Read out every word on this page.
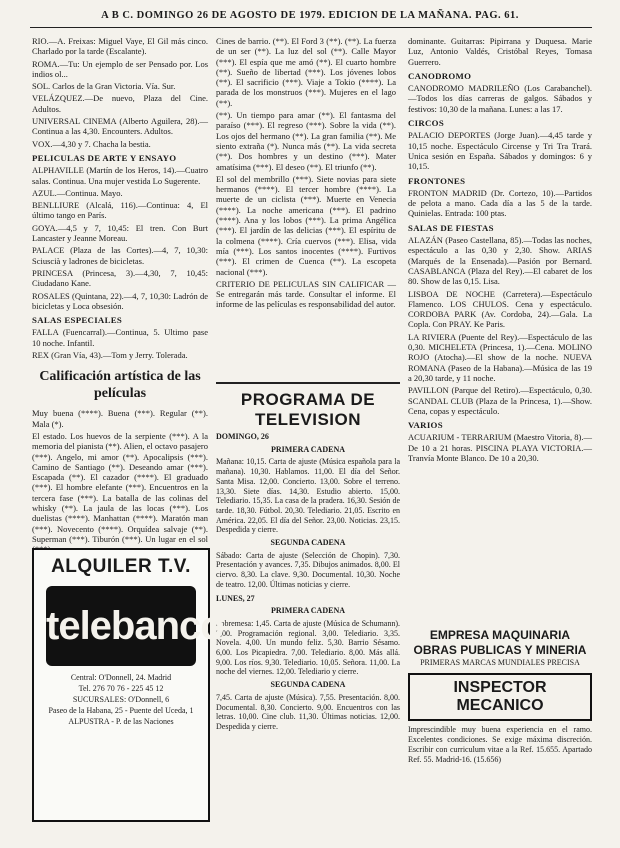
A B C. DOMINGO 26 DE AGOSTO DE 1979. EDICION DE LA MAÑANA. PAG. 61.

RIO.—A. Freixas: Miguel Vaye, El Gil más cinco. Charlado por la tarde (Escalante).

ROMA.—Tu: Un ejemplo de ser Pensado por. Los indios ol...

SOL. Carlos de la Gran Victoria. Vía. Sur.

VELÁZQUEZ.—De nuevo, Plaza del Cine. Adultos.

UNIVERSAL CINEMA (Alberto Aguilera, 28).—Continua a las 4,30. Encounters. Adultos.

VOX.—4,30 y 7. Chacha la bestia.

PELICULAS DE ARTE Y ENSAYO

ALPHAVILLE (Martín de los Heros, 14).—Cuatro salas. Continua. Una mujer vestida Lo Sugerente.

AZUL.—Continua. Mayo.

BENLLIURE (Alcalá, 116).—Continua: 4, El último tango en París.

GOYA.—4,5 y 7, 10,45: El tren. Con Burt Lancaster y Jeanne Moreau.

PALACE (Plaza de las Cortes).—4, 7, 10,30: Sciuscià y ladrones de bicicletas.

PRINCESA (Princesa, 3).—4,30, 7, 10,45: Ciudadano Kane.

ROSALES (Quintana, 22).—4, 7, 10,30: Ladrón de bicicletas y Loca obsesión.

SALAS ESPECIALES

FALLA (Fuencarral).—Continua, 5. Ultimo pase 10 noche. Infantil.

REX (Gran Vía, 43).—Tom y Jerry. Tolerada.

Calificación artística de las películas

Muy buena (****). Buena (***). Regular (**). Mala (*).

El estado. Los huevos de la serpiente (***). A la memoria del pianista (**). Alien, el octavo pasajero (***). Angelo, mi amor (**). Apocalipsis (***). Camino de Santiago (**). Deseando amar (***). Escapada (**). El cazador (****). El graduado (***). El hombre elefante (***). Encuentros en la tercera fase (***). La batalla de las colinas del whisky (**). La jaula de las locas (***). Los duelistas (****). Manhattan (****). Maratón man (***). Novecento (****). Orquídea salvaje (**). Superman (***). Tiburón (***). Un lugar en el sol

Cines de barrio. (**). El Ford 3 (**). (**). La fuerza de un ser (**). La luz del sol (**). Calle Mayor (***). El espía que me amó (**). El cuarto hombre (**). Sueño de libertad (***). Los jóvenes lobos (**). El sacrificio (***). Viaje a Tokio (****). La parada de los monstruos (***). Mujeres en el lago (**).

(**). Un tiempo para amar (**). El fantasma del paraíso (***). El regreso (***). Sobre la vida (**). Los ojos del hermano (**). La gran familia (**). Me siento extraña (*). Nunca más (**). La vida secreta (**). Dos hombres y un destino (***). Mater amatísima (***). El deseo (**). El triunfo (**).

El sol del membrillo (***). Siete novias para siete hermanos (****). El tercer hombre (****). La muerte de un ciclista (***). Muerte en Venecia (****). La noche americana (***). El padrino (****). Ana y los lobos (***). La prima Angélica (***). El jardín de las delicias (***). El espíritu de la colmena (****). Cría cuervos (***). Elisa, vida mía (***). Los santos inocentes (****). Furtivos (***). El crimen de Cuenca (**). La escopeta nacional (***).

CRITERIO DE PELICULAS SIN CALIFICAR — Se entregarán más tarde. Consultar el informe. El informe de las películas es responsabilidad del autor.

PROGRAMA DE TELEVISION
DOMINGO, 26
PRIMERA CADENA

Mañana: 10,15. Carta de ajuste (Música española para la mañana). 10,30. Hablamos. 11,00. El día del Señor. Santa Misa. 12,00. Concierto. 13,00. Sobre el terreno. 13,30. Siete días. 14,30. Estudio abierto. 15,00. Telediario. 15,35. La casa de la pradera. 16,30. Sesión de tarde. 18,30. Fútbol. 20,30. Telediario. 21,05. Escrito en América. 22,05. El día del Señor. 23,00. Noticias. 23,15. Despedida y cierre.

SEGUNDA CADENA

Sábado: Carta de ajuste (Selección de Chopin). 7,30. Presentación y avances. 7,35. Dibujos animados. 8,00. El ciervo. 8,30. La clave. 9,30. Documental. 10,30. Noche de teatro. 12,00. Últimas noticias y cierre.

LUNES, 27
PRIMERA CADENA

Sobremesa: 1,45. Carta de ajuste (Música de Schumann). 2,00. Programación regional. 3,00. Telediario. 3,35. Novela. 4,00. Un mundo feliz. 5,30. Barrio Sésamo. 6,00. Los Picapiedra. 7,00. Telediario. 8,00. Más allá. 9,00. Los ríos. 9,30. Telediario. 10,05. Señora. 11,00. La noche del viernes. 12,00. Telediario y cierre.

SEGUNDA CADENA

7,45. Carta de ajuste (Música). 7,55. Presentación. 8,00. Documental. 8,30. Concierto. 9,00. Encuentros con las letras. 10,00. Cine club. 11,30. Últimas noticias. 12,00. Despedida y cierre.

dominante. Guitarras: Pipirrana y Duquesa. Marie Luz, Antonio Valdés, Cristóbal Reyes, Tomasa Guerrero.

CANODROMO

CANODROMO MADRILEÑO (Los Carabanchel).—Todos los días carreras de galgos. Sábados y festivos: 10,30 de la mañana. Lunes: a las 17.

CIRCOS

PALACIO DEPORTES (Jorge Juan).—4,45 tarde y 10,15 noche. Espectáculo Circense y Tri Tra Trará. Unica sesión en España. Sábados y domingos: 6 y 10,15.

FRONTONES

FRONTON MADRID (Dr. Cortezo, 10).—Partidos de pelota a mano. Cada día a las 5 de la tarde. Quinielas. Entrada: 100 ptas.

SALAS DE FIESTAS

ALAZÁN (Paseo Castellana, 85).—Todas las noches, espectáculo a las 0,30 y 2,30. Show. ARIAS (Marqués de la Ensenada).—Pasión por Bernard. CASABLANCA (Plaza del Rey).—El cabaret de los 80. Show de las 0,15. Lisa.

LISBOA DE NOCHE (Carretera).—Espectáculo Flamenco. LOS CHULOS. Cena y espectáculo. CORDOBA PARK (Av. Cordoba, 24).—Gala. La Copla. Con PRAY. Ke Paris.

LA RIVIERA (Puente del Rey).—Espectáculo de las 0,30. MICHELETA (Princesa, 1).—Cena. MOLINO ROJO (Atocha).—El show de la noche. NUEVA ROMANA (Paseo de la Habana).—Música de las 19 a 20,30 tarde, y 11 noche.

PAVILLON (Parque del Retiro).—Espectáculo, 0,30. SCANDAL CLUB (Plaza de la Princesa, 1).—Show. Cena, copas y espectáculo.

VARIOS

ACUARIUM - TERRARIUM (Maestro Vitoria, 8).—De 10 a 21 horas. PISCINA PLAYA VICTORIA.—Tranvía Monte Blanco. De 10 a 20,30.

ALQUILER T.V.
telebanco
Central: O'Donnell, 24. Madrid
Tel. 276 70 76 - 225 45 12
SUCURSALES: O'Donnell, 6
Paseo de la Habana, 25 - Puente del Uceda, 1
ALPUSTRA - P. de las Naciones
EMPRESA MAQUINARIA OBRAS PUBLICAS Y MINERIA
PRIMERAS MARCAS MUNDIALES PRECISA
INSPECTOR MECANICO
Imprescindible muy buena experiencia en el ramo. Excelentes condiciones. Se exige máxima discreción. Escribir con curriculum vitae a la Ref. 15.655. Apartado Ref. 55. Madrid-16. (15.656)
